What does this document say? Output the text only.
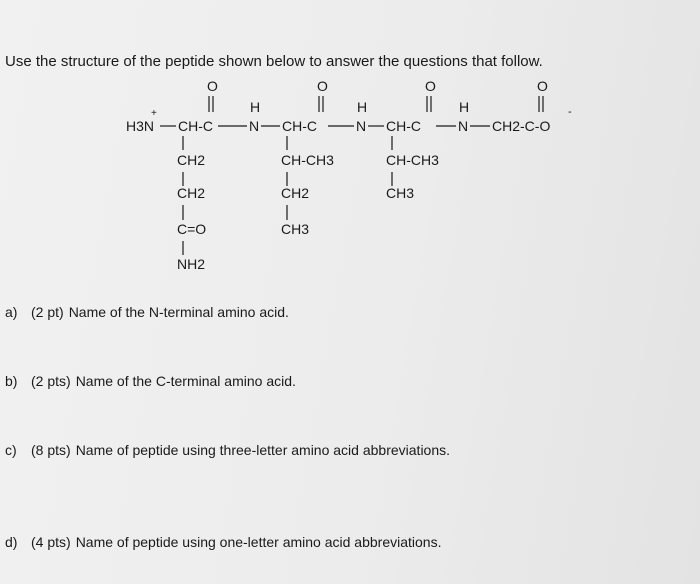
Use the structure of the peptide shown below to answer the questions that follow.
O	O	O	O
H	H	H
H3N
+
CH-C	N CH-C	N CH-C	N CH2-C-O
-
CH2
CH2
C=O
NH2
CH-CH3
CH2
CH3
CH-CH3
CH3
a) (2 pt) Name of the N-terminal amino acid.
b) (2 pts) Name of the C-terminal amino acid.
c) (8 pts) Name of peptide using three-letter amino acid abbreviations.
d) (4 pts) Name of peptide using one-letter amino acid abbreviations.
